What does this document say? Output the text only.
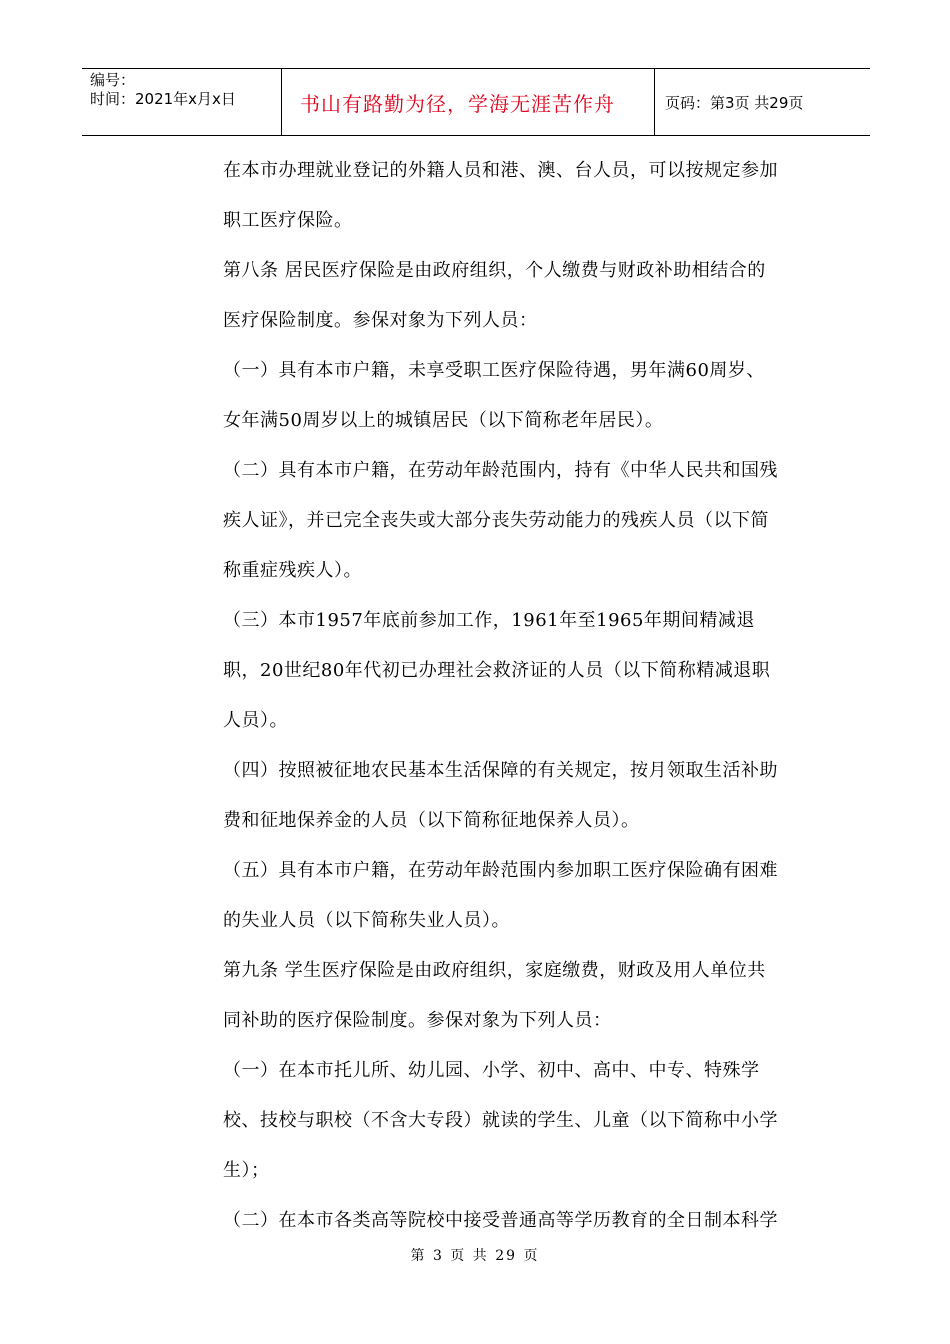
编号：
时间：2021年x月x日	书山有路勤为径，学海无涯苦作舟	页码：第3页 共29页
在本市办理就业登记的外籍人员和港、澳、台人员，可以按规定参加
职工医疗保险。
第八条 居民医疗保险是由政府组织，个人缴费与财政补助相结合的
医疗保险制度。参保对象为下列人员：
（一）具有本市户籍，未享受职工医疗保险待遇，男年满60周岁、
女年满50周岁以上的城镇居民（以下简称老年居民）。
（二）具有本市户籍，在劳动年龄范围内，持有《中华人民共和国残
疾人证》，并已完全丧失或大部分丧失劳动能力的残疾人员（以下简
称重症残疾人）。
（三）本市1957年底前参加工作，1961年至1965年期间精减退
职，20世纪80年代初已办理社会救济证的人员（以下简称精减退职
人员）。
（四）按照被征地农民基本生活保障的有关规定，按月领取生活补助
费和征地保养金的人员（以下简称征地保养人员）。
（五）具有本市户籍，在劳动年龄范围内参加职工医疗保险确有困难
的失业人员（以下简称失业人员）。
第九条 学生医疗保险是由政府组织，家庭缴费，财政及用人单位共
同补助的医疗保险制度。参保对象为下列人员：
（一）在本市托儿所、幼儿园、小学、初中、高中、中专、特殊学
校、技校与职校（不含大专段）就读的学生、儿童（以下简称中小学
生）；
（二）在本市各类高等院校中接受普通高等学历教育的全日制本科学
第 3 页 共 29 页
